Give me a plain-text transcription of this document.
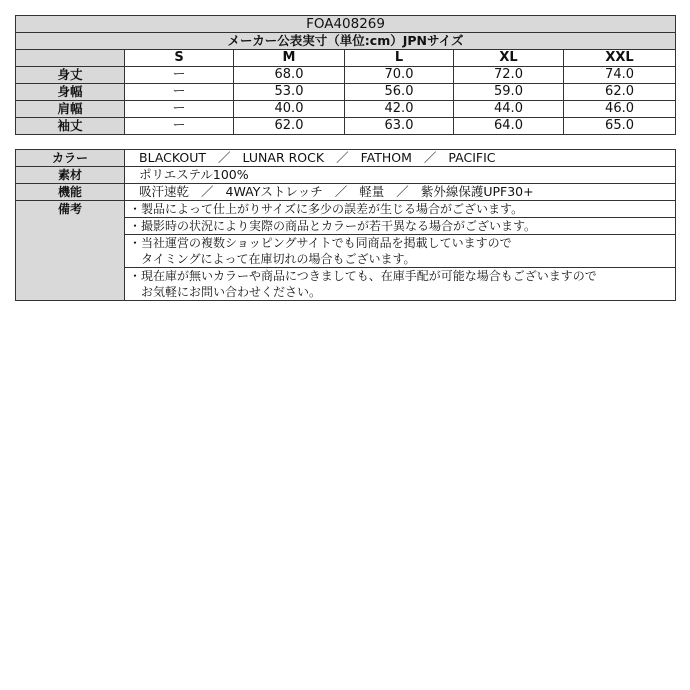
FOA408269					
メーカー公表実寸（単位:cm）JPNサイズ					
	S	M	L	XL	XXL
身丈	ー	68.0	70.0	72.0	74.0
身幅	ー	53.0	56.0	59.0	62.0
肩幅	ー	40.0	42.0	44.0	46.0
袖丈	ー	62.0	63.0	64.0	65.0
カラー	BLACKOUT ／ LUNAR ROCK ／ FATHOM ／ PACIFIC
素材	ポリエステル100%
機能	吸汗速乾 ／ 4WAYストレッチ ／ 軽量 ／ 紫外線保護UPF30+
備考	・製品によって仕上がりサイズに多少の誤差が生じる場合がございます。

	・撮影時の状況により実際の商品とカラーが若干異なる場合がございます。

	・当社運営の複数ショッピングサイトでも同商品を掲載していますので
　タイミングによって在庫切れの場合もございます。

	・現在庫が無いカラーや商品につきましても、在庫手配が可能な場合もございますので
　お気軽にお問い合わせください。
